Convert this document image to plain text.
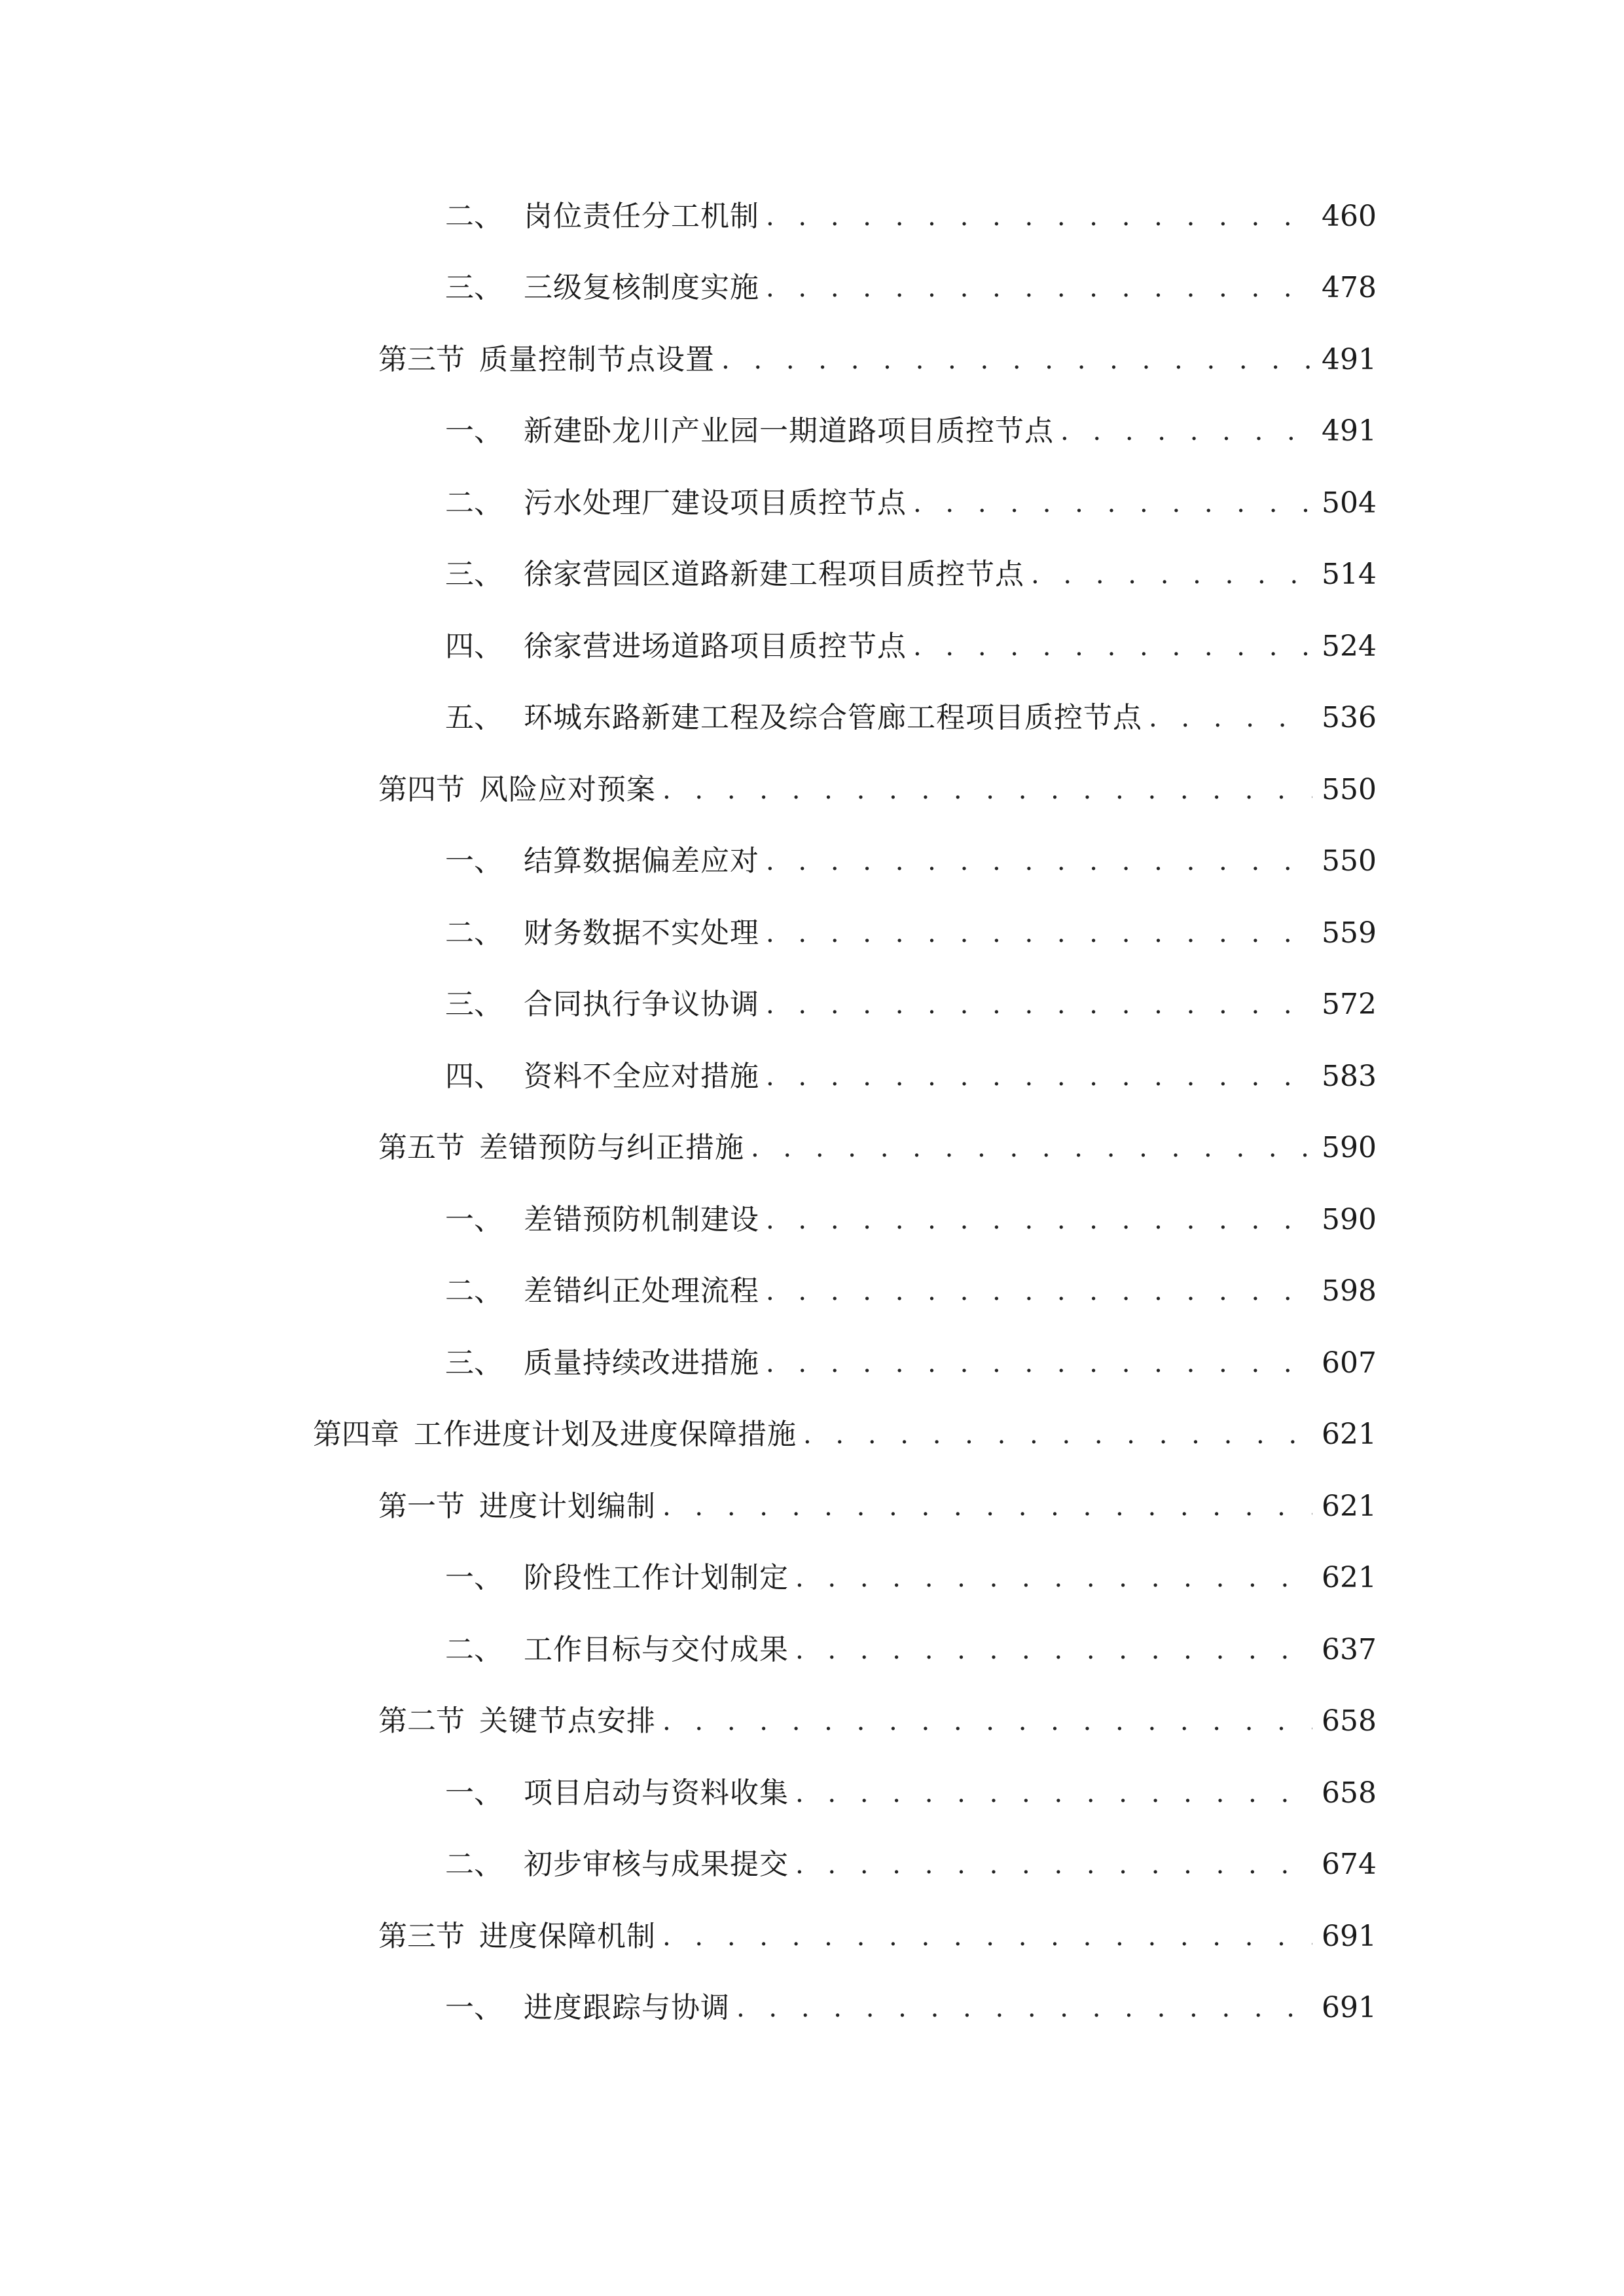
二、 岗位责任分工机制 . . .	460
三、 三级复核制度实施 . . .	478
第三节 质量控制节点设置 . . .	491
一、 新建卧龙川产业园一期道路项目质控节点 . . .	491
二、 污水处理厂建设项目质控节点 . . .	504
三、 徐家营园区道路新建工程项目质控节点 . . .	514
四、 徐家营进场道路项目质控节点 . . .	524
五、 环城东路新建工程及综合管廊工程项目质控节点 . . .	536
第四节 风险应对预案 . . .	550
一、 结算数据偏差应对 . . .	550
二、 财务数据不实处理 . . .	559
三、 合同执行争议协调 . . .	572
四、 资料不全应对措施 . . .	583
第五节 差错预防与纠正措施 . . .	590
一、 差错预防机制建设 . . .	590
二、 差错纠正处理流程 . . .	598
三、 质量持续改进措施 . . .	607
第四章 工作进度计划及进度保障措施 . . .	621
第一节 进度计划编制 . . .	621
一、 阶段性工作计划制定 . . .	621
二、 工作目标与交付成果 . . .	637
第二节 关键节点安排 . . .	658
一、 项目启动与资料收集 . . .	658
二、 初步审核与成果提交 . . .	674
第三节 进度保障机制 . . .	691
一、 进度跟踪与协调 . . .	691
